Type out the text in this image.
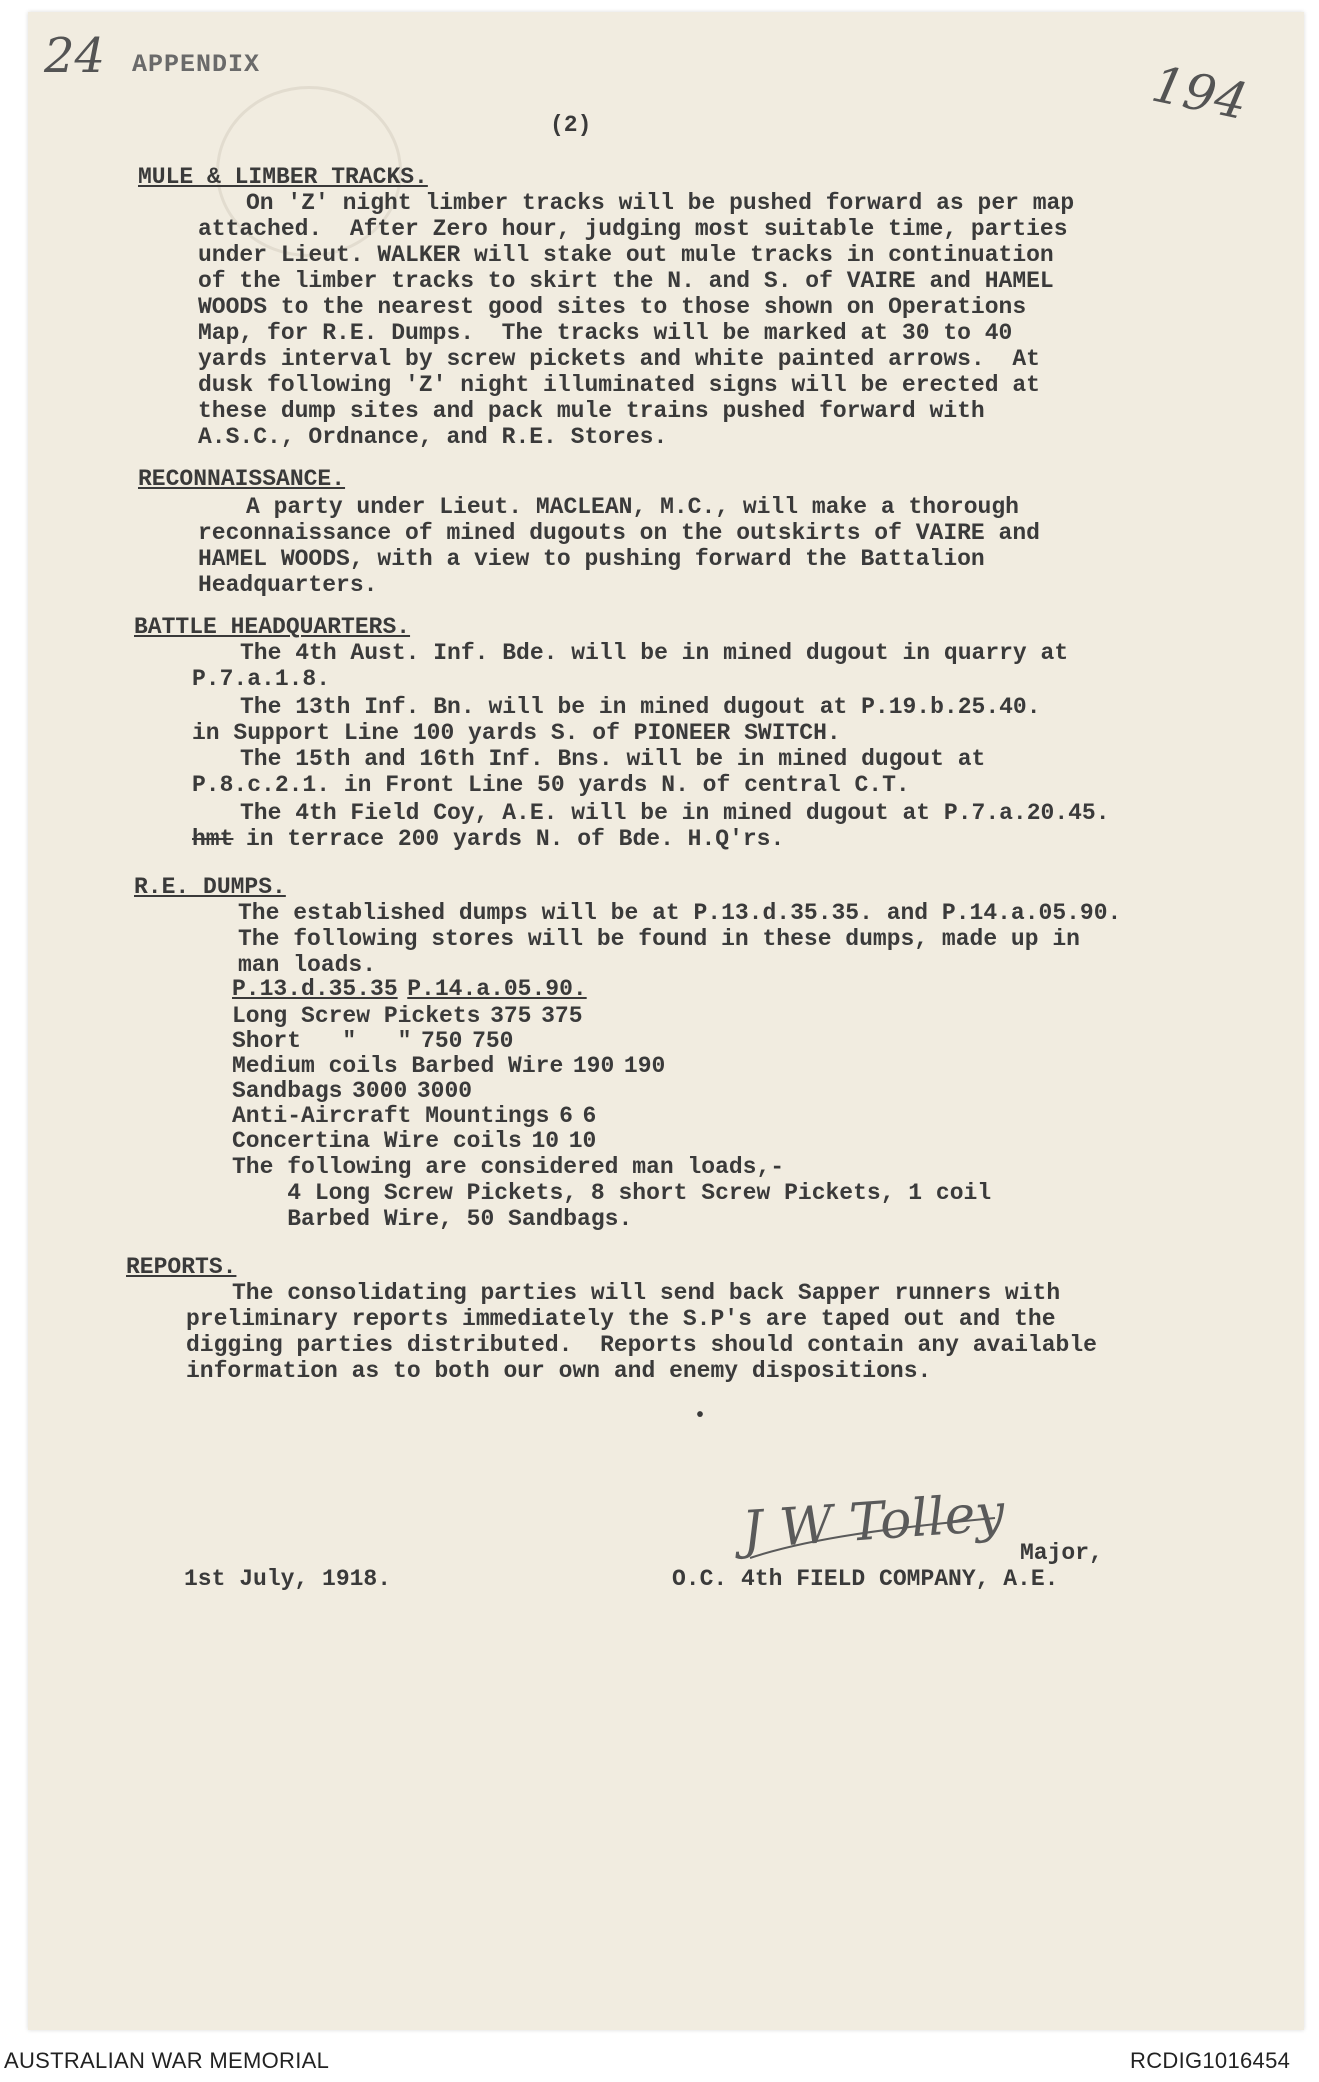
24 APPENDIX	194
(2)
MULE & LIMBER TRACKS.
On 'Z' night limber tracks will be pushed forward as per map
attached.  After Zero hour, judging most suitable time, parties
under Lieut. WALKER will stake out mule tracks in continuation
of the limber tracks to skirt the N. and S. of VAIRE and HAMEL
WOODS to the nearest good sites to those shown on Operations
Map, for R.E. Dumps.  The tracks will be marked at 30 to 40
yards interval by screw pickets and white painted arrows.  At
dusk following 'Z' night illuminated signs will be erected at
these dump sites and pack mule trains pushed forward with
A.S.C., Ordnance, and R.E. Stores.
RECONNAISSANCE.
A party under Lieut. MACLEAN, M.C., will make a thorough
reconnaissance of mined dugouts on the outskirts of VAIRE and
HAMEL WOODS, with a view to pushing forward the Battalion
Headquarters.
BATTLE HEADQUARTERS.
The 4th Aust. Inf. Bde. will be in mined dugout in quarry at
P.7.a.1.8.
The 13th Inf. Bn. will be in mined dugout at P.19.b.25.40.
in Support Line 100 yards S. of PIONEER SWITCH.
The 15th and 16th Inf. Bns. will be in mined dugout at
P.8.c.2.1. in Front Line 50 yards N. of central C.T.
The 4th Field Coy, A.E. will be in mined dugout at P.7.a.20.45.
hmt in terrace 200 yards N. of Bde. H.Q'rs.
R.E. DUMPS.
The established dumps will be at P.13.d.35.35. and P.14.a.05.90.
The following stores will be found in these dumps, made up in
man loads.
P.13.d.35.35 P.14.a.05.90.
Long Screw Pickets 375 375
Short   "   " 750 750
Medium coils Barbed Wire 190 190
Sandbags 3000 3000
Anti-Aircraft Mountings 6 6
Concertina Wire coils 10 10
The following are considered man loads,-
4 Long Screw Pickets, 8 short Screw Pickets, 1 coil
Barbed Wire, 50 Sandbags.
REPORTS.
The consolidating parties will send back Sapper runners with
preliminary reports immediately the S.P's are taped out and the
digging parties distributed.  Reports should contain any available
information as to both our own and enemy dispositions.
•
J W Tolley Major,
1st July, 1918.	O.C. 4th FIELD COMPANY, A.E.
AUSTRALIAN WAR MEMORIAL	RCDIG1016454
